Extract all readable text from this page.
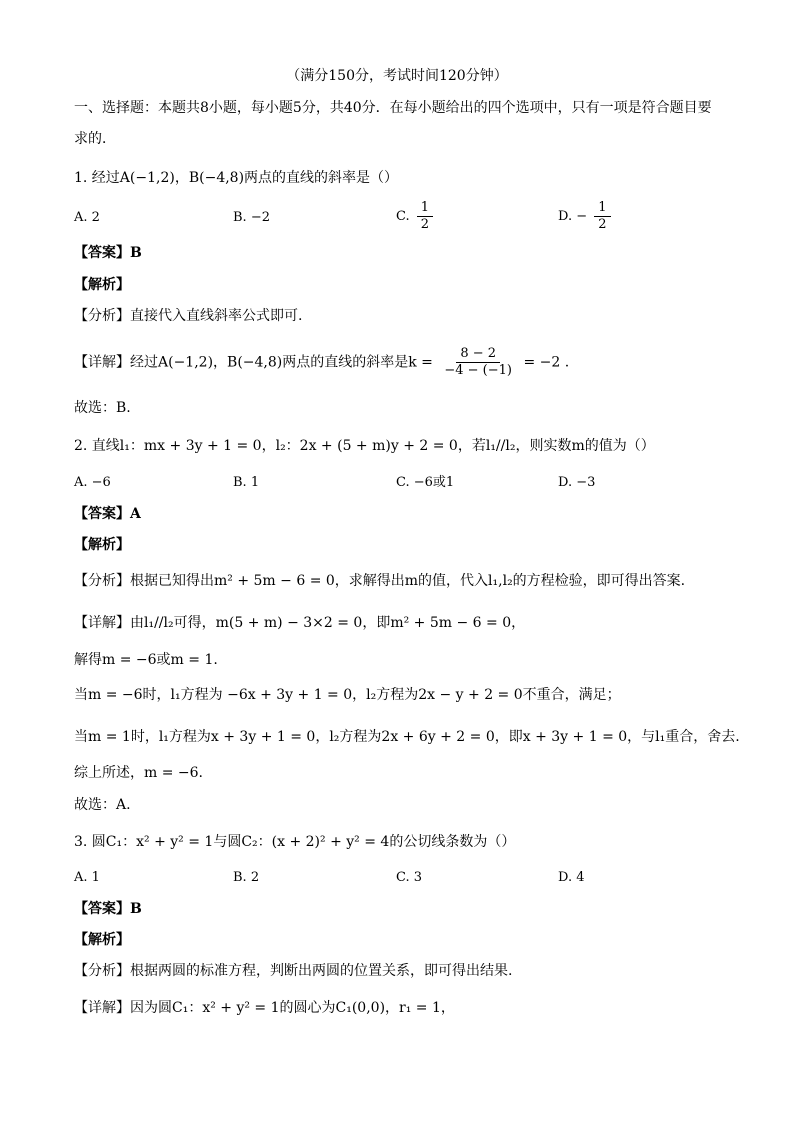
（满分150分，考试时间120分钟）
一、选择题：本题共8小题，每小题5分，共40分．在每小题给出的四个选项中，只有一项是符合题目要
求的．
1. 经过A(−1,2)，B(−4,8)两点的直线的斜率是（）
A. 2	B. −2	C. $\frac{1}{2}$	D. − $\frac{1}{2}$
【答案】B
【解析】
【分析】直接代入直线斜率公式即可.
【详解】经过A(−1,2)，B(−4,8)两点的直线的斜率是$k = \frac{8 - 2}{-4 - (-1)} = -2$ .
故选：B.
2. 直线l₁：mx + 3y + 1 = 0，l₂：2x + (5 + m)y + 2 = 0，若l₁//l₂，则实数m的值为（）
A. −6	B. 1	C. −6或1	D. −3
【答案】A
【解析】
【分析】根据已知得出m² + 5m − 6 = 0，求解得出m的值，代入l₁,l₂的方程检验，即可得出答案.
【详解】由l₁//l₂可得，m(5 + m) − 3×2 = 0，即m² + 5m − 6 = 0，
解得m = −6或m = 1.
当m = −6时，l₁方程为 −6x + 3y + 1 = 0，l₂方程为2x − y + 2 = 0不重合，满足；
当m = 1时，l₁方程为x + 3y + 1 = 0，l₂方程为2x + 6y + 2 = 0，即x + 3y + 1 = 0，与l₁重合，舍去.
综上所述，m = −6.
故选：A.
3. 圆C₁：x² + y² = 1与圆C₂：(x + 2)² + y² = 4的公切线条数为（）
A. 1	B. 2	C. 3	D. 4
【答案】B
【解析】
【分析】根据两圆的标准方程，判断出两圆的位置关系，即可得出结果.
【详解】因为圆C₁：x² + y² = 1的圆心为C₁(0,0)，r₁ = 1，
